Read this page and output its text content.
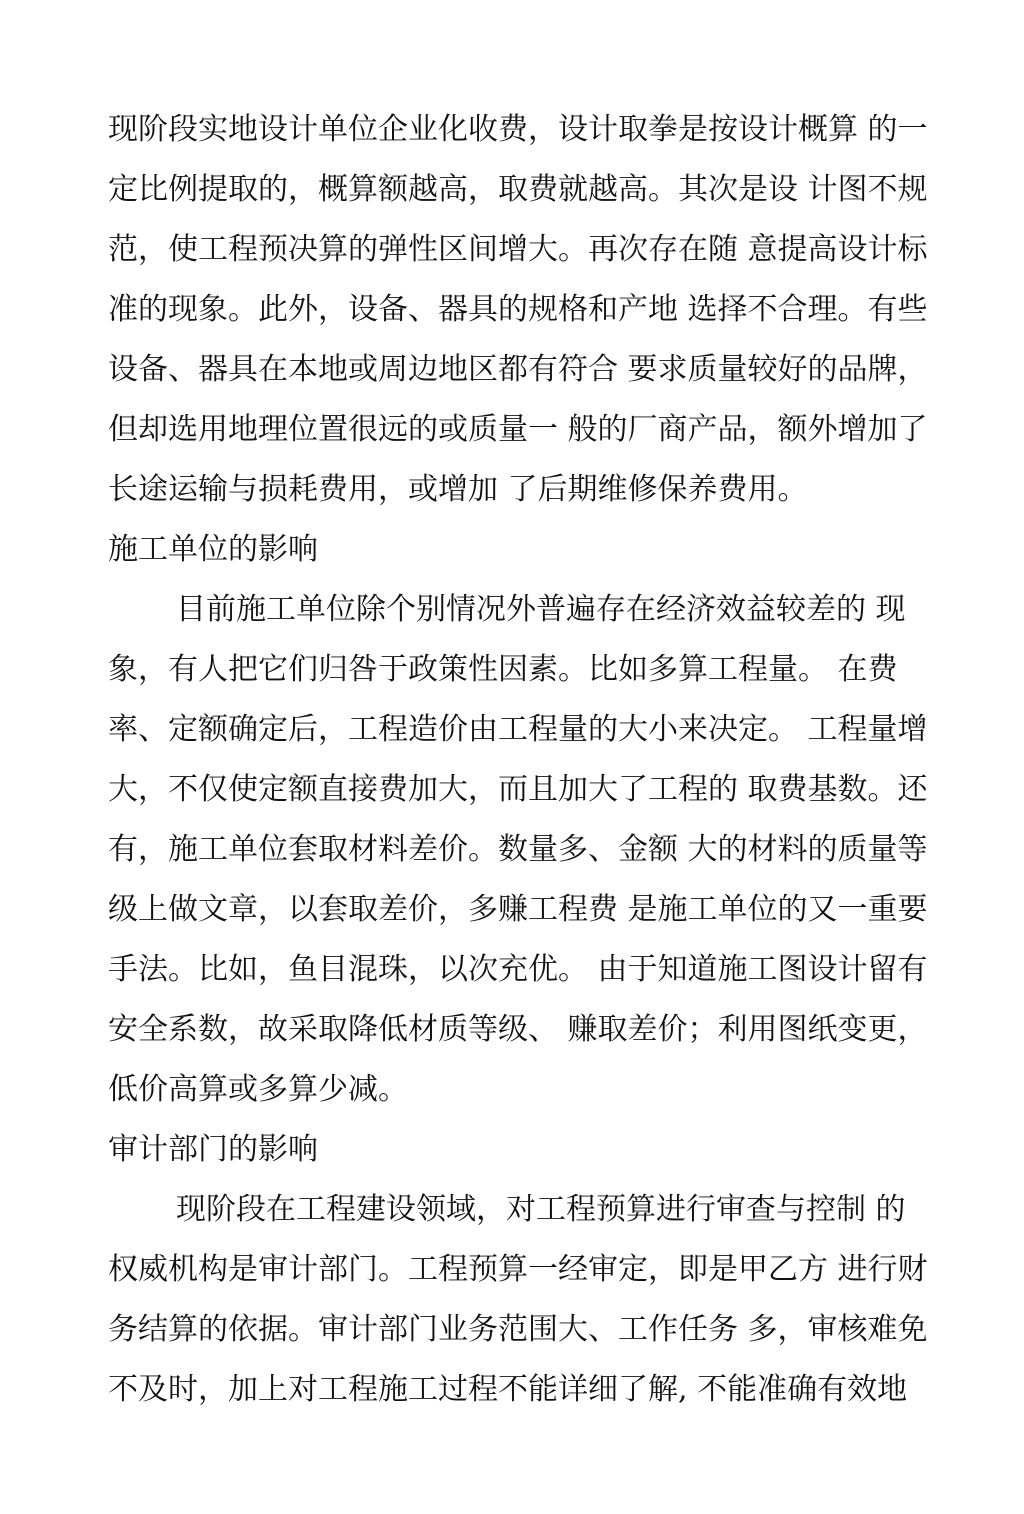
现阶段实地设计单位企业化收费，设计取拳是按设计概算 的一

定比例提取的，概算额越高，取费就越高。其次是设 计图不规

范，使工程预决算的弹性区间增大。再次存在随 意提高设计标

准的现象。此外，设备、器具的规格和产地 选择不合理。有些

设备、器具在本地或周边地区都有符合 要求质量较好的品牌，

但却选用地理位置很远的或质量一 般的厂商产品，额外增加了

长途运输与损耗费用，或增加 了后期维修保养费用。

施工单位的影响

目前施工单位除个别情况外普遍存在经济效益较差的 现

象，有人把它们归咎于政策性因素。比如多算工程量。 在费

率、定额确定后，工程造价由工程量的大小来决定。 工程量增

大，不仅使定额直接费加大，而且加大了工程的 取费基数。还

有，施工单位套取材料差价。数量多、金额 大的材料的质量等

级上做文章，以套取差价，多赚工程费 是施工单位的又一重要

手法。比如，鱼目混珠，以次充优。 由于知道施工图设计留有

安全系数，故采取降低材质等级、 赚取差价；利用图纸变更，

低价高算或多算少减。

审计部门的影响

现阶段在工程建设领域，对工程预算进行审查与控制 的

权威机构是审计部门。工程预算一经审定，即是甲乙方 进行财

务结算的依据。审计部门业务范围大、工作任务 多，审核难免

不及时，加上对工程施工过程不能详细了解, 不能准确有效地
